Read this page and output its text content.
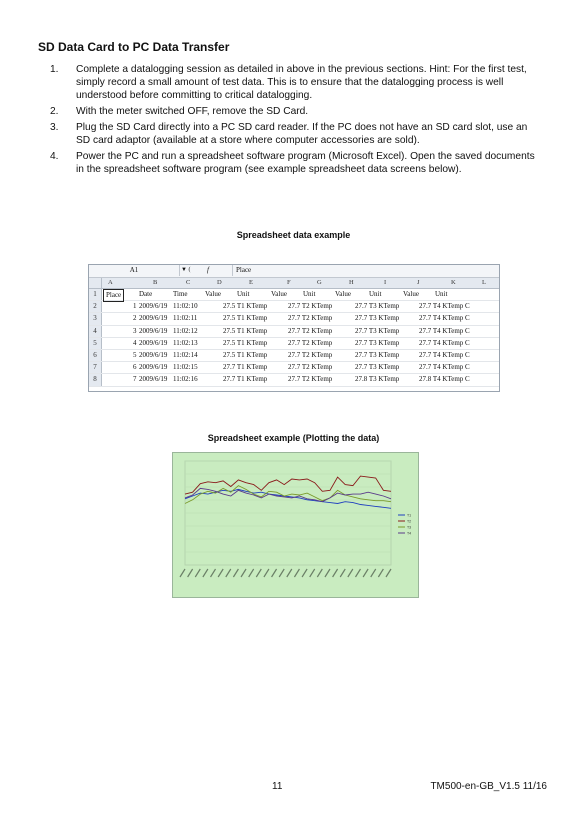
SD Data Card to PC Data Transfer
1. Complete a datalogging session as detailed in above in the previous sections. Hint: For the first test, simply record a small amount of test data. This is to ensure that the datalogging process is well understood before committing to critical datalogging.
2. With the meter switched OFF, remove the SD Card.
3. Plug the SD Card directly into a PC SD card reader. If the PC does not have an SD card slot, use an SD card adaptor (available at a store where computer accessories are sold).
4. Power the PC and run a spreadsheet software program (Microsoft Excel). Open the saved documents in the spreadsheet software program (see example spreadsheet data screens below).
Spreadsheet data example
A1	▼ ( f	Place
A	B	C	D	E	F	G	H	I	J	K	L
1	Place	Date	Time Value Unit	Value Unit	Value	Unit	Value Unit
2	1 2009/6/19 11:02:10	27.5 T1 KTemp	27.7 T2 KTemp	27.7 T3 KTemp	27.7 T4 KTemp C
3	2 2009/6/19 11:02:11	27.5 T1 KTemp	27.7 T2 KTemp	27.7 T3 KTemp	27.7 T4 KTemp C
4	3 2009/6/19 11:02:12	27.5 T1 KTemp	27.7 T2 KTemp	27.7 T3 KTemp	27.7 T4 KTemp C
5	4 2009/6/19 11:02:13	27.5 T1 KTemp	27.7 T2 KTemp	27.7 T3 KTemp	27.7 T4 KTemp C
6	5 2009/6/19 11:02:14	27.5 T1 KTemp	27.7 T2 KTemp	27.7 T3 KTemp	27.7 T4 KTemp C
7	6 2009/6/19 11:02:15	27.7 T1 KTemp	27.7 T2 KTemp	27.7 T3 KTemp	27.7 T4 KTemp C
8	7 2009/6/19 11:02:16	27.7 T1 KTemp	27.7 T2 KTemp	27.8 T3 KTemp	27.8 T4 KTemp C
Spreadsheet example (Plotting the data)
T1
T2
T3
T4
11	TM500-en-GB_V1.5 11/16
